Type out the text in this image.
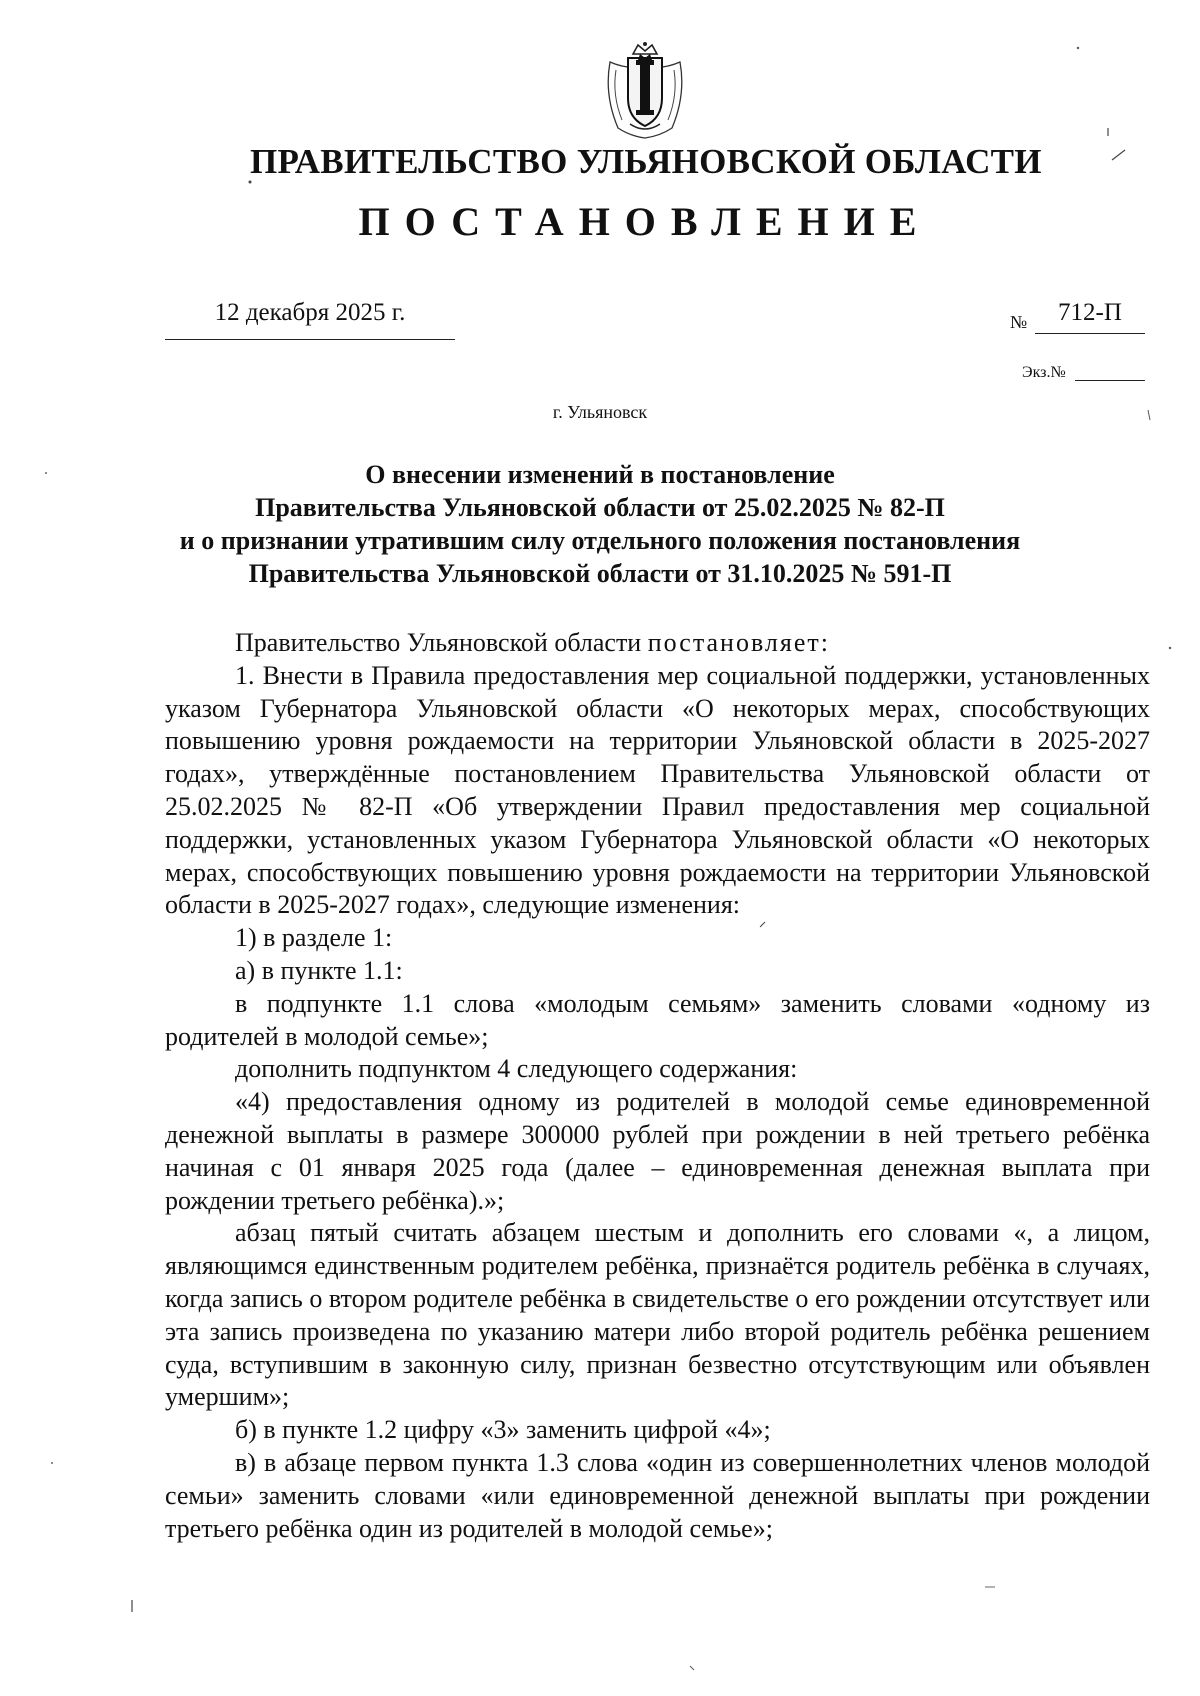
ПРАВИТЕЛЬСТВО УЛЬЯНОВСКОЙ ОБЛАСТИ
ПОСТАНОВЛЕНИЕ
12 декабря 2025 г.	№	712-П
Экз.№
г. Ульяновск
О внесении изменений в постановление
Правительства Ульяновской области от 25.02.2025 № 82-П
и о признании утратившим силу отдельного положения постановления
Правительства Ульяновской области от 31.10.2025 № 591-П

Правительство Ульяновской области постановляет:

1. Внести в Правила предоставления мер социальной поддержки, установленных указом Губернатора Ульяновской области «О некоторых мерах, способствующих повышению уровня рождаемости на территории Ульяновской области в 2025-2027 годах», утверждённые постановлением Правительства Ульяновской области от 25.02.2025 № 82-П «Об утверждении Правил предоставления мер социальной поддержки, установленных указом Губернатора Ульяновской области «О некоторых мерах, способствующих повышению уровня рождаемости на территории Ульяновской области в 2025-2027 годах», следующие изменения:

1) в разделе 1:

а) в пункте 1.1:

в подпункте 1.1 слова «молодым семьям» заменить словами «одному из родителей в молодой семье»;

дополнить подпунктом 4 следующего содержания:

«4) предоставления одному из родителей в молодой семье единовременной денежной выплаты в размере 300000 рублей при рождении в ней третьего ребёнка начиная с 01 января 2025 года (далее – единовременная денежная выплата при рождении третьего ребёнка).»;

абзац пятый считать абзацем шестым и дополнить его словами «, а лицом, являющимся единственным родителем ребёнка, признаётся родитель ребёнка в случаях, когда запись о втором родителе ребёнка в свидетельстве о его рождении отсутствует или эта запись произведена по указанию матери либо второй родитель ребёнка решением суда, вступившим в законную силу, признан безвестно отсутствующим или объявлен умершим»;

б) в пункте 1.2 цифру «3» заменить цифрой «4»;

в) в абзаце первом пункта 1.3 слова «один из совершеннолетних членов молодой семьи» заменить словами «или единовременной денежной выплаты при рождении третьего ребёнка один из родителей в молодой семье»;
